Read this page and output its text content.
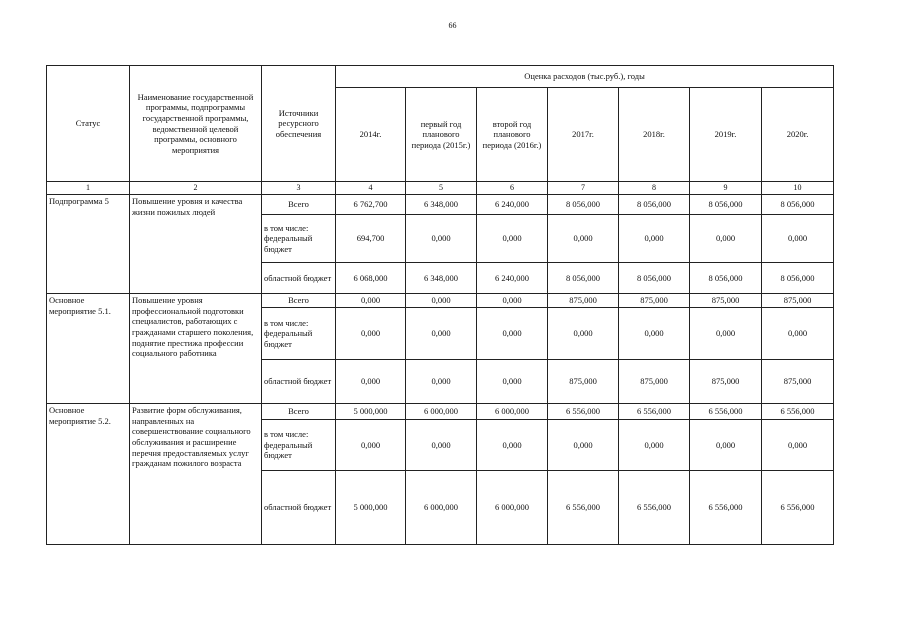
66
Статус	Наименование государственной программы, подпрограммы государственной программы, ведомственной целевой программы, основного мероприятия	Источники ресурсного обеспечения	Оценка расходов (тыс.руб.), годы						
			2014г.	первый год планового периода (2015г.)	второй год планового периода (2016г.)	2017г.	2018г.	2019г.	2020г.
1	2	3	4	5	6	7	8	9	10
Подпрограмма 5	Повышение уровня и качества жизни пожилых людей	Всего	6 762,700	6 348,000	6 240,000	8 056,000	8 056,000	8 056,000	8 056,000
		в том числе: федеральный бюджет	694,700	0,000	0,000	0,000	0,000	0,000	0,000
		областной бюджет	6 068,000	6 348,000	6 240,000	8 056,000	8 056,000	8 056,000	8 056,000
Основное мероприятие 5.1.	Повышение уровня профессиональной подготовки специалистов, работающих с гражданами старшего поколения, поднятие престижа профессии социального работника	Всего	0,000	0,000	0,000	875,000	875,000	875,000	875,000
		в том числе: федеральный бюджет	0,000	0,000	0,000	0,000	0,000	0,000	0,000
		областной бюджет	0,000	0,000	0,000	875,000	875,000	875,000	875,000
Основное мероприятие 5.2.	Развитие форм обслуживания, направленных на совершенствование социального обслуживания и расширение перечня предоставляемых услуг гражданам пожилого возраста	Всего	5 000,000	6 000,000	6 000,000	6 556,000	6 556,000	6 556,000	6 556,000
		в том числе: федеральный бюджет	0,000	0,000	0,000	0,000	0,000	0,000	0,000
		областной бюджет	5 000,000	6 000,000	6 000,000	6 556,000	6 556,000	6 556,000	6 556,000
